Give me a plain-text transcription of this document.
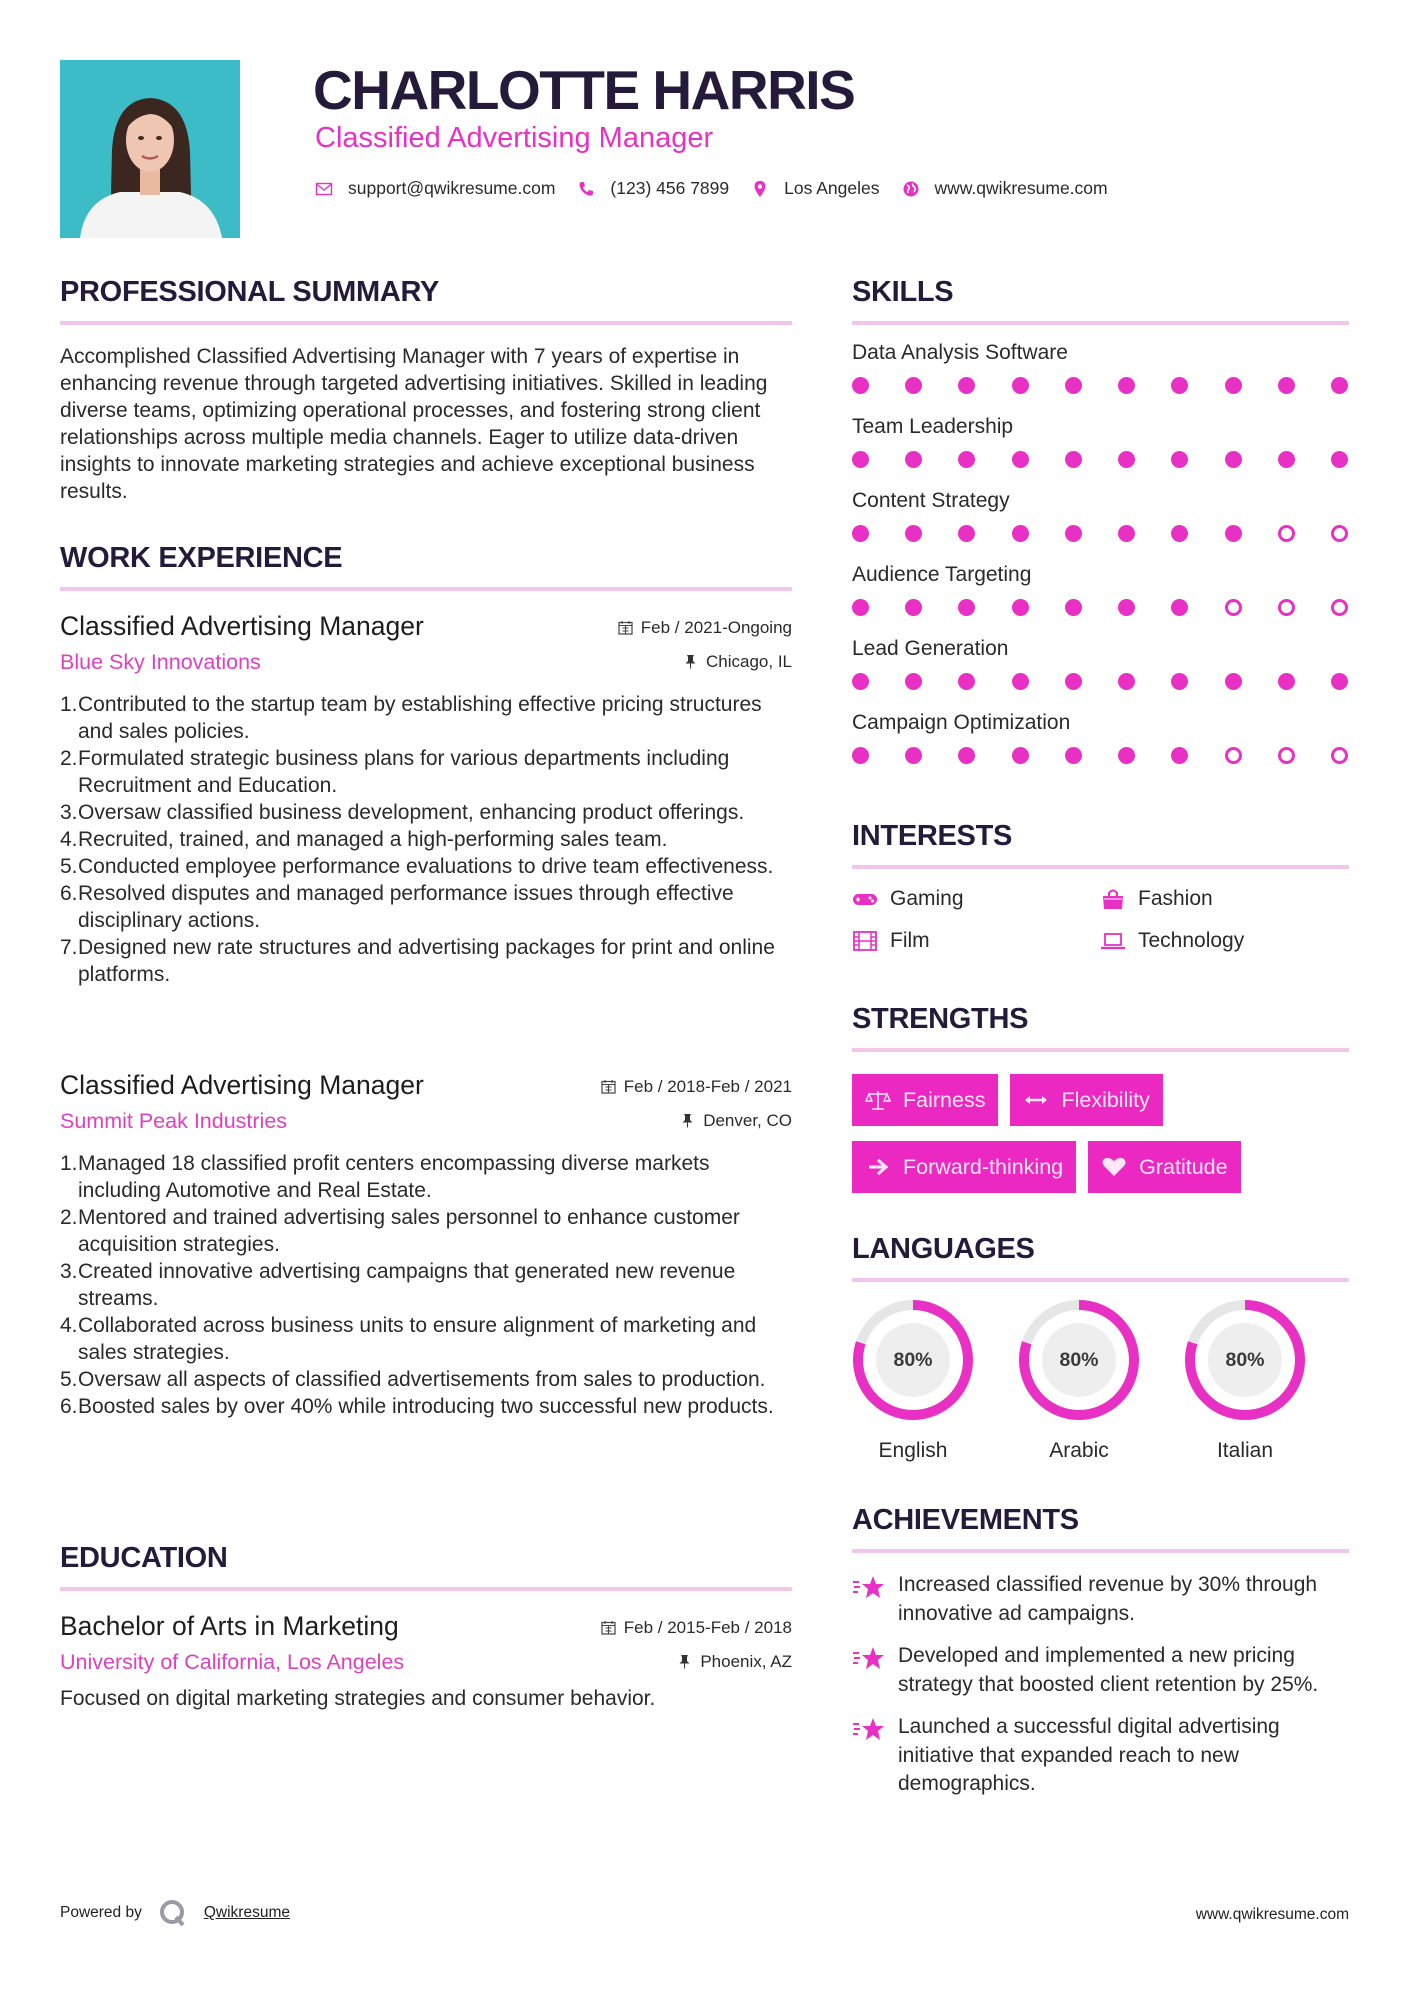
CHARLOTTE HARRIS
Classified Advertising Manager
support@qwikresume.com	(123) 456 7899	Los Angeles	www.qwikresume.com
PROFESSIONAL SUMMARY
Accomplished Classified Advertising Manager with 7 years of expertise in enhancing revenue through targeted advertising initiatives. Skilled in leading diverse teams, optimizing operational processes, and fostering strong client relationships across multiple media channels. Eager to utilize data-driven insights to innovate marketing strategies and achieve exceptional business results.
WORK EXPERIENCE
Classified Advertising Manager	Feb / 2021-Ongoing
Blue Sky Innovations	Chicago, IL
1. Contributed to the startup team by establishing effective pricing structures and sales policies.
2. Formulated strategic business plans for various departments including Recruitment and Education.
3. Oversaw classified business development, enhancing product offerings.
4. Recruited, trained, and managed a high-performing sales team.
5. Conducted employee performance evaluations to drive team effectiveness.
6. Resolved disputes and managed performance issues through effective disciplinary actions.
7. Designed new rate structures and advertising packages for print and online platforms.
Classified Advertising Manager	Feb / 2018-Feb / 2021
Summit Peak Industries	Denver, CO
1. Managed 18 classified profit centers encompassing diverse markets including Automotive and Real Estate.
2. Mentored and trained advertising sales personnel to enhance customer acquisition strategies.
3. Created innovative advertising campaigns that generated new revenue streams.
4. Collaborated across business units to ensure alignment of marketing and sales strategies.
5. Oversaw all aspects of classified advertisements from sales to production.
6. Boosted sales by over 40% while introducing two successful new products.
EDUCATION
Bachelor of Arts in Marketing	Feb / 2015-Feb / 2018
University of California, Los Angeles	Phoenix, AZ
Focused on digital marketing strategies and consumer behavior.
SKILLS
Data Analysis Software
Team Leadership
Content Strategy
Audience Targeting
Lead Generation
Campaign Optimization
INTERESTS
Gaming	Fashion
Film	Technology
STRENGTHS
Fairness	Flexibility
Forward-thinking	Gratitude
LANGUAGES
80%
English
80%
Arabic
80%
Italian
ACHIEVEMENTS
Increased classified revenue by 30% through innovative ad campaigns.
Developed and implemented a new pricing strategy that boosted client retention by 25%.
Launched a successful digital advertising initiative that expanded reach to new demographics.
Powered by	Qwikresume	www.qwikresume.com
